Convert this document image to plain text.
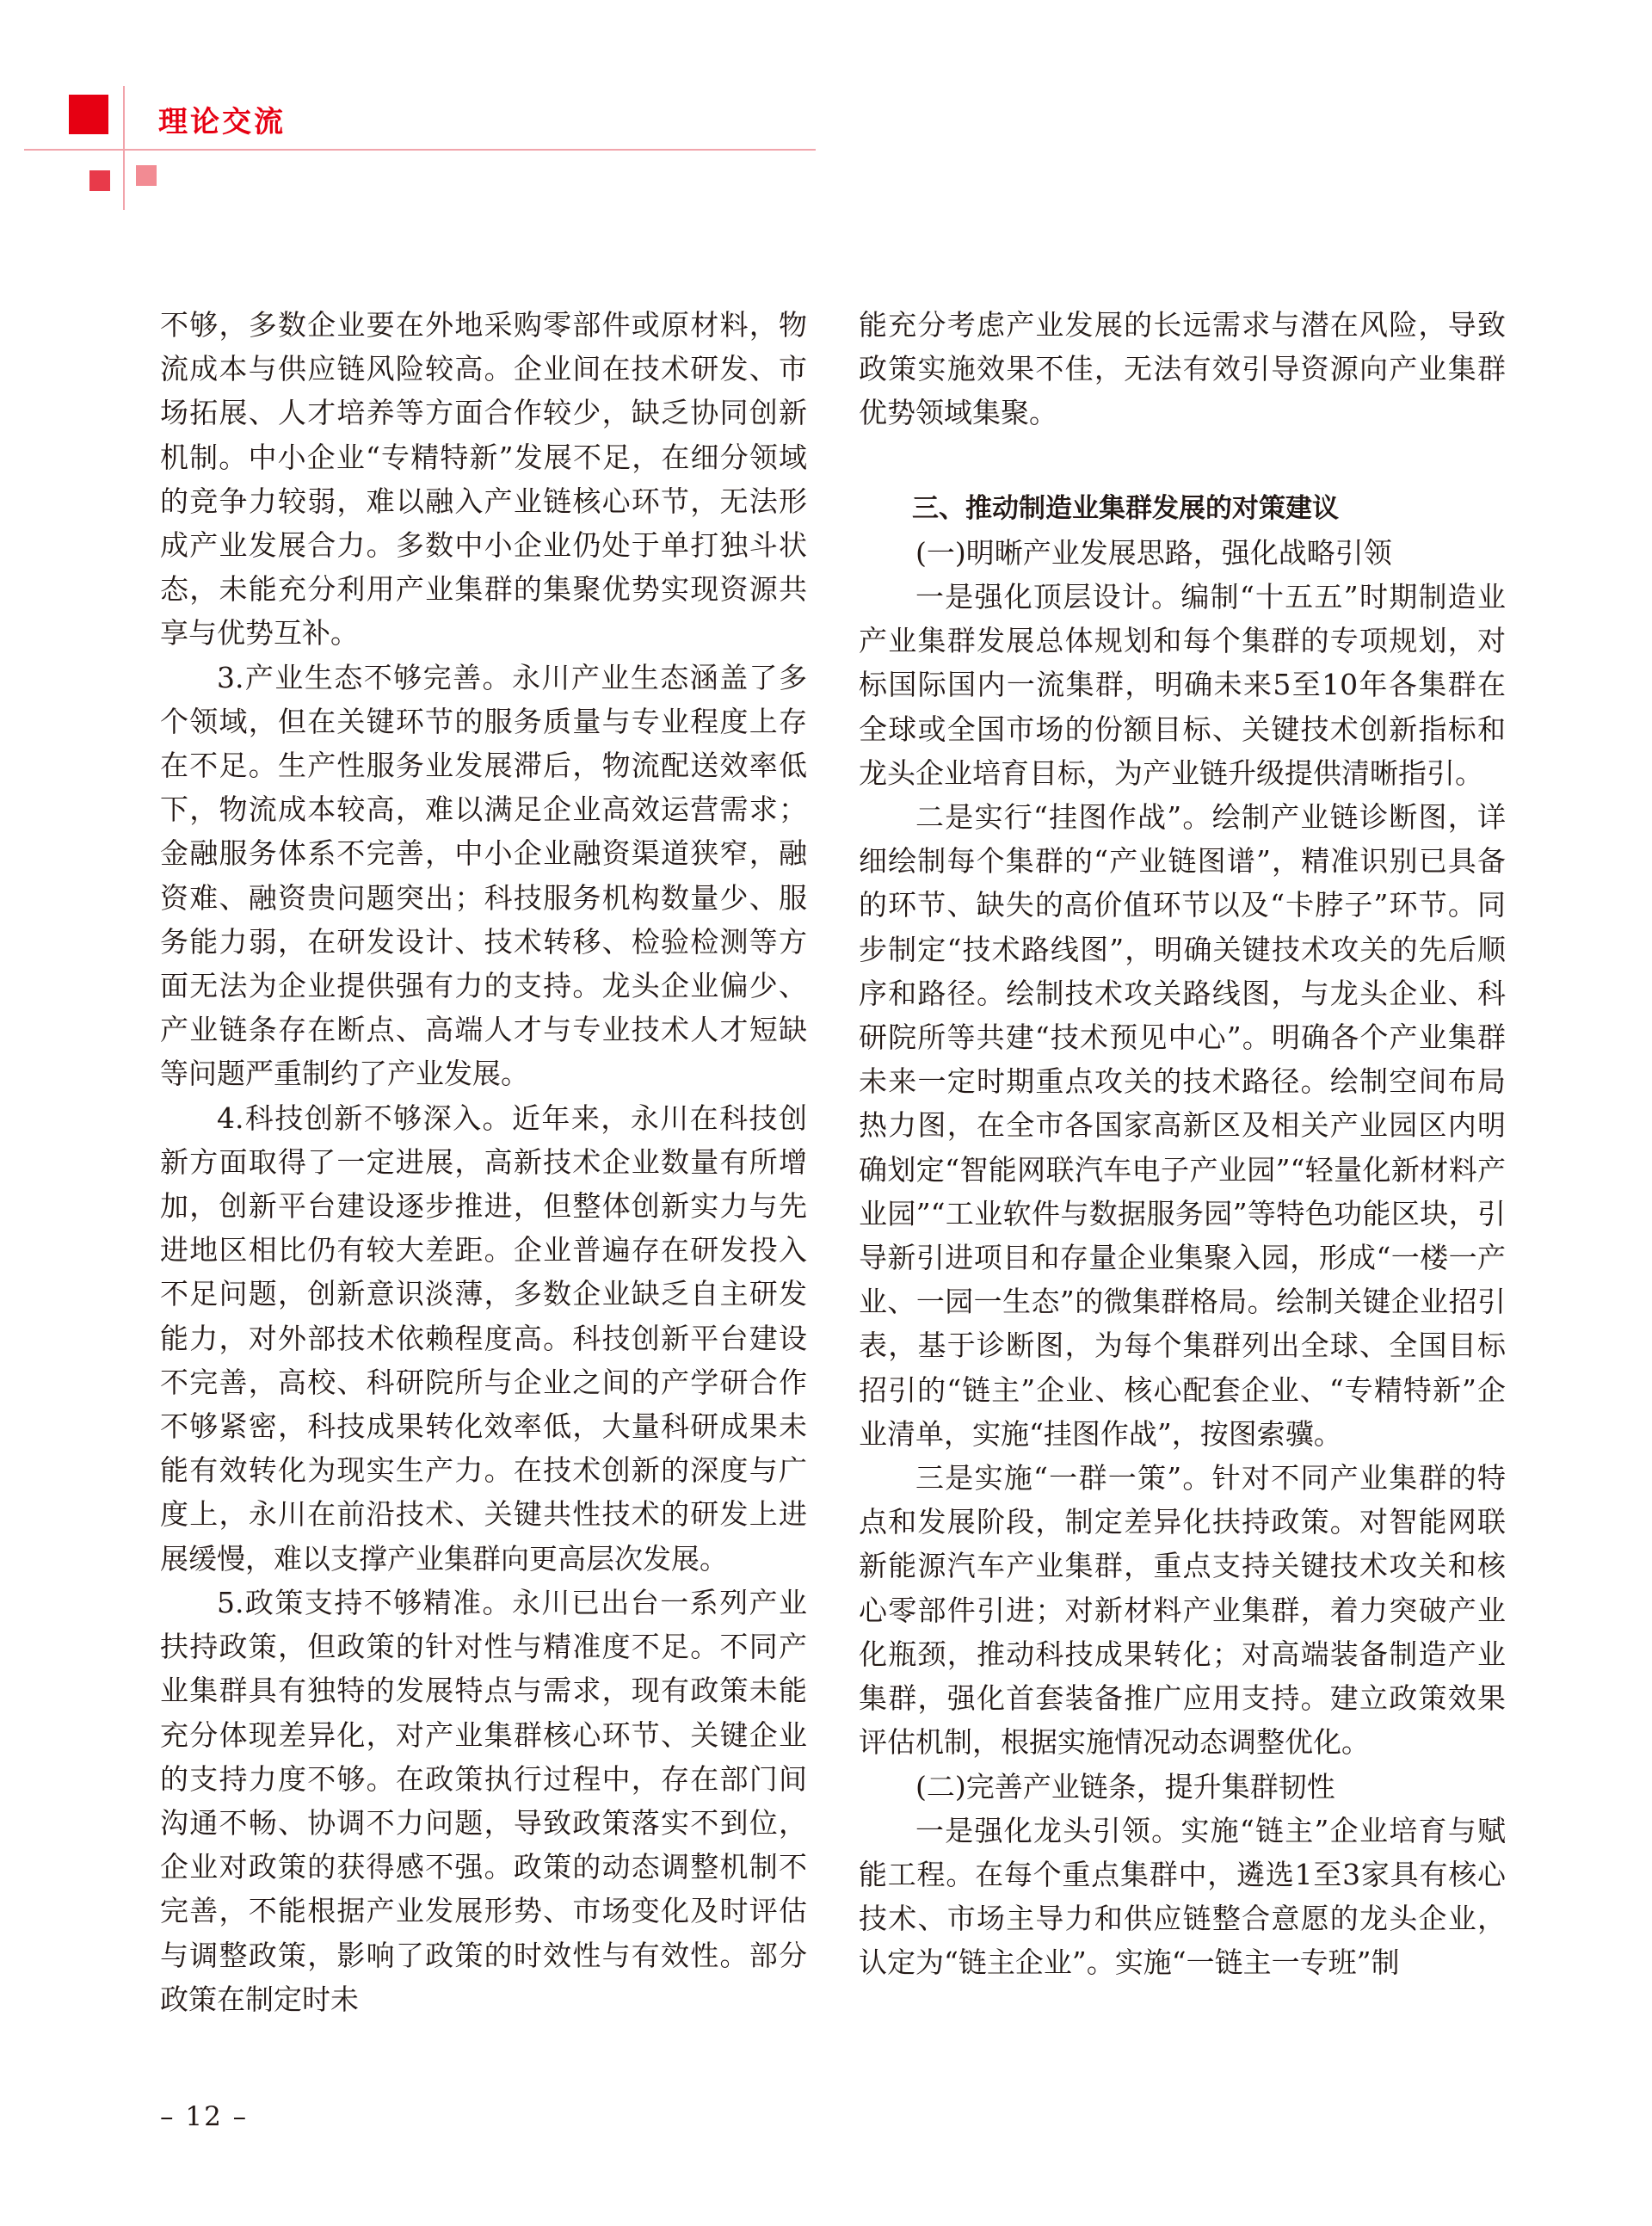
理论交流

不够，多数企业要在外地采购零部件或原材料，物流成本与供应链风险较高。企业间在技术研发、市场拓展、人才培养等方面合作较少，缺乏协同创新机制。中小企业“专精特新”发展不足，在细分领域的竞争力较弱，难以融入产业链核心环节，无法形成产业发展合力。多数中小企业仍处于单打独斗状态，未能充分利用产业集群的集聚优势实现资源共享与优势互补。

3.产业生态不够完善。永川产业生态涵盖了多个领域，但在关键环节的服务质量与专业程度上存在不足。生产性服务业发展滞后，物流配送效率低下，物流成本较高，难以满足企业高效运营需求；金融服务体系不完善，中小企业融资渠道狭窄，融资难、融资贵问题突出；科技服务机构数量少、服务能力弱，在研发设计、技术转移、检验检测等方面无法为企业提供强有力的支持。龙头企业偏少、产业链条存在断点、高端人才与专业技术人才短缺等问题严重制约了产业发展。

4.科技创新不够深入。近年来，永川在科技创新方面取得了一定进展，高新技术企业数量有所增加，创新平台建设逐步推进，但整体创新实力与先进地区相比仍有较大差距。企业普遍存在研发投入不足问题，创新意识淡薄，多数企业缺乏自主研发能力，对外部技术依赖程度高。科技创新平台建设不完善，高校、科研院所与企业之间的产学研合作不够紧密，科技成果转化效率低，大量科研成果未能有效转化为现实生产力。在技术创新的深度与广度上，永川在前沿技术、关键共性技术的研发上进展缓慢，难以支撑产业集群向更高层次发展。

5.政策支持不够精准。永川已出台一系列产业扶持政策，但政策的针对性与精准度不足。不同产业集群具有独特的发展特点与需求，现有政策未能充分体现差异化，对产业集群核心环节、关键企业的支持力度不够。在政策执行过程中，存在部门间沟通不畅、协调不力问题，导致政策落实不到位，企业对政策的获得感不强。政策的动态调整机制不完善，不能根据产业发展形势、市场变化及时评估与调整政策，影响了政策的时效性与有效性。部分政策在制定时未

能充分考虑产业发展的长远需求与潜在风险，导致政策实施效果不佳，无法有效引导资源向产业集群优势领域集聚。

三、推动制造业集群发展的对策建议

(一)明晰产业发展思路，强化战略引领

一是强化顶层设计。编制“十五五”时期制造业产业集群发展总体规划和每个集群的专项规划，对标国际国内一流集群，明确未来5至10年各集群在全球或全国市场的份额目标、关键技术创新指标和龙头企业培育目标，为产业链升级提供清晰指引。

二是实行“挂图作战”。绘制产业链诊断图，详细绘制每个集群的“产业链图谱”，精准识别已具备的环节、缺失的高价值环节以及“卡脖子”环节。同步制定“技术路线图”，明确关键技术攻关的先后顺序和路径。绘制技术攻关路线图，与龙头企业、科研院所等共建“技术预见中心”。明确各个产业集群未来一定时期重点攻关的技术路径。绘制空间布局热力图，在全市各国家高新区及相关产业园区内明确划定“智能网联汽车电子产业园”“轻量化新材料产业园”“工业软件与数据服务园”等特色功能区块，引导新引进项目和存量企业集聚入园，形成“一楼一产业、一园一生态”的微集群格局。绘制关键企业招引表，基于诊断图，为每个集群列出全球、全国目标招引的“链主”企业、核心配套企业、“专精特新”企业清单，实施“挂图作战”，按图索骥。

三是实施“一群一策”。针对不同产业集群的特点和发展阶段，制定差异化扶持政策。对智能网联新能源汽车产业集群，重点支持关键技术攻关和核心零部件引进；对新材料产业集群，着力突破产业化瓶颈，推动科技成果转化；对高端装备制造产业集群，强化首套装备推广应用支持。建立政策效果评估机制，根据实施情况动态调整优化。

(二)完善产业链条，提升集群韧性

一是强化龙头引领。实施“链主”企业培育与赋能工程。在每个重点集群中，遴选1至3家具有核心技术、市场主导力和供应链整合意愿的龙头企业，认定为“链主企业”。实施“一链主一专班”制

– 12 –
